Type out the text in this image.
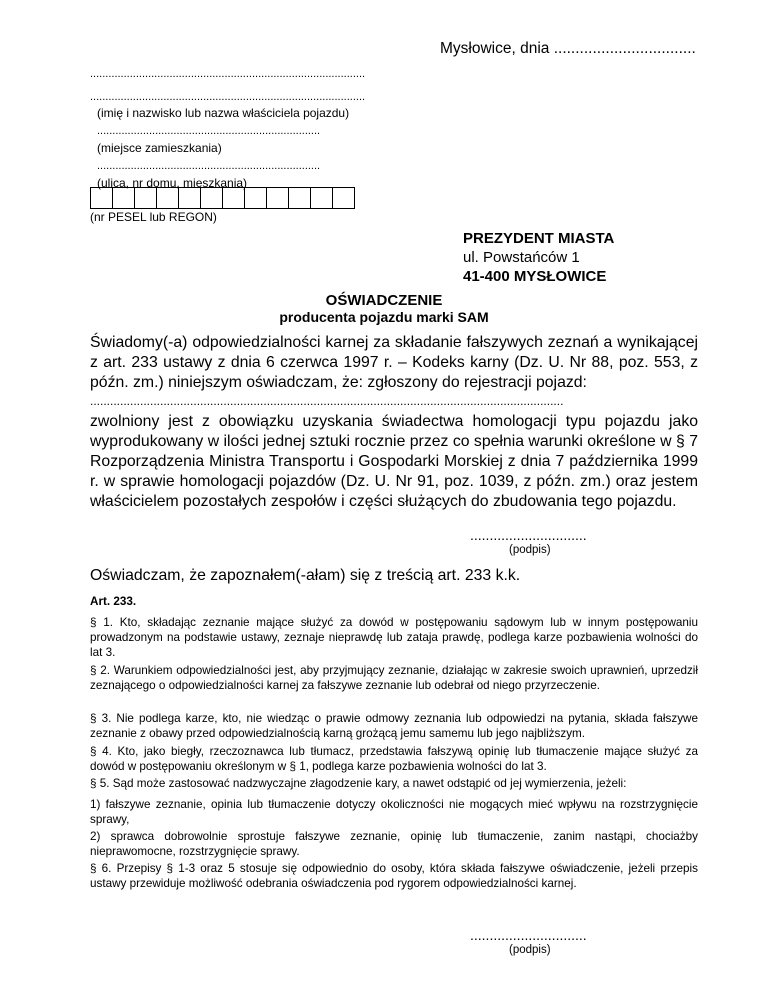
Mysłowice, dnia .................................
..........................................................................................
..........................................................................................
(imię i nazwisko lub nazwa właściciela pojazdu)
.........................................................................
(miejsce zamieszkania)
.........................................................................
(ulica, nr domu, mieszkania)
(nr PESEL lub REGON)
PREZYDENT MIASTA
ul. Powstańców 1
41-400 MYSŁOWICE
OŚWIADCZENIE
producenta pojazdu marki SAM
Świadomy(-a) odpowiedzialności karnej za składanie fałszywych zeznań a wynikającej z art. 233 ustawy z dnia 6 czerwca 1997 r. – Kodeks karny (Dz. U. Nr 88, poz. 553, z późn. zm.) niniejszym oświadczam, że: zgłoszony do rejestracji pojazd:
..............................................................................................................................................
zwolniony jest z obowiązku uzyskania świadectwa homologacji typu pojazdu jako wyprodukowany w ilości jednej sztuki rocznie przez co spełnia warunki określone w § 7 Rozporządzenia Ministra Transportu i Gospodarki Morskiej z dnia 7 października 1999 r. w sprawie homologacji pojazdów (Dz. U. Nr 91, poz. 1039, z późn. zm.) oraz jestem właścicielem pozostałych zespołów i części służących do zbudowania tego pojazdu.
..............................
(podpis)
Oświadczam, że zapoznałem(-ałam) się z treścią art. 233 k.k.
Art. 233.
§ 1. Kto, składając zeznanie mające służyć za dowód w postępowaniu sądowym lub w innym postępowaniu prowadzonym na podstawie ustawy, zeznaje nieprawdę lub zataja prawdę, podlega karze pozbawienia wolności do lat 3.
§ 2. Warunkiem odpowiedzialności jest, aby przyjmujący zeznanie, działając w zakresie swoich uprawnień, uprzedził zeznającego o odpowiedzialności karnej za fałszywe zeznanie lub odebrał od niego przyrzeczenie.
§ 3. Nie podlega karze, kto, nie wiedząc o prawie odmowy zeznania lub odpowiedzi na pytania, składa fałszywe zeznanie z obawy przed odpowiedzialnością karną grożącą jemu samemu lub jego najbliższym.
§ 4. Kto, jako biegły, rzeczoznawca lub tłumacz, przedstawia fałszywą opinię lub tłumaczenie mające służyć za dowód w postępowaniu określonym w § 1, podlega karze pozbawienia wolności do lat 3.
§ 5. Sąd może zastosować nadzwyczajne złagodzenie kary, a nawet odstąpić od jej wymierzenia, jeżeli:
1) fałszywe zeznanie, opinia lub tłumaczenie dotyczy okoliczności nie mogących mieć wpływu na rozstrzygnięcie sprawy,
2) sprawca dobrowolnie sprostuje fałszywe zeznanie, opinię lub tłumaczenie, zanim nastąpi, chociażby nieprawomocne, rozstrzygnięcie sprawy.
§ 6. Przepisy § 1-3 oraz 5 stosuje się odpowiednio do osoby, która składa fałszywe oświadczenie, jeżeli przepis ustawy przewiduje możliwość odebrania oświadczenia pod rygorem odpowiedzialności karnej.
..............................
(podpis)
